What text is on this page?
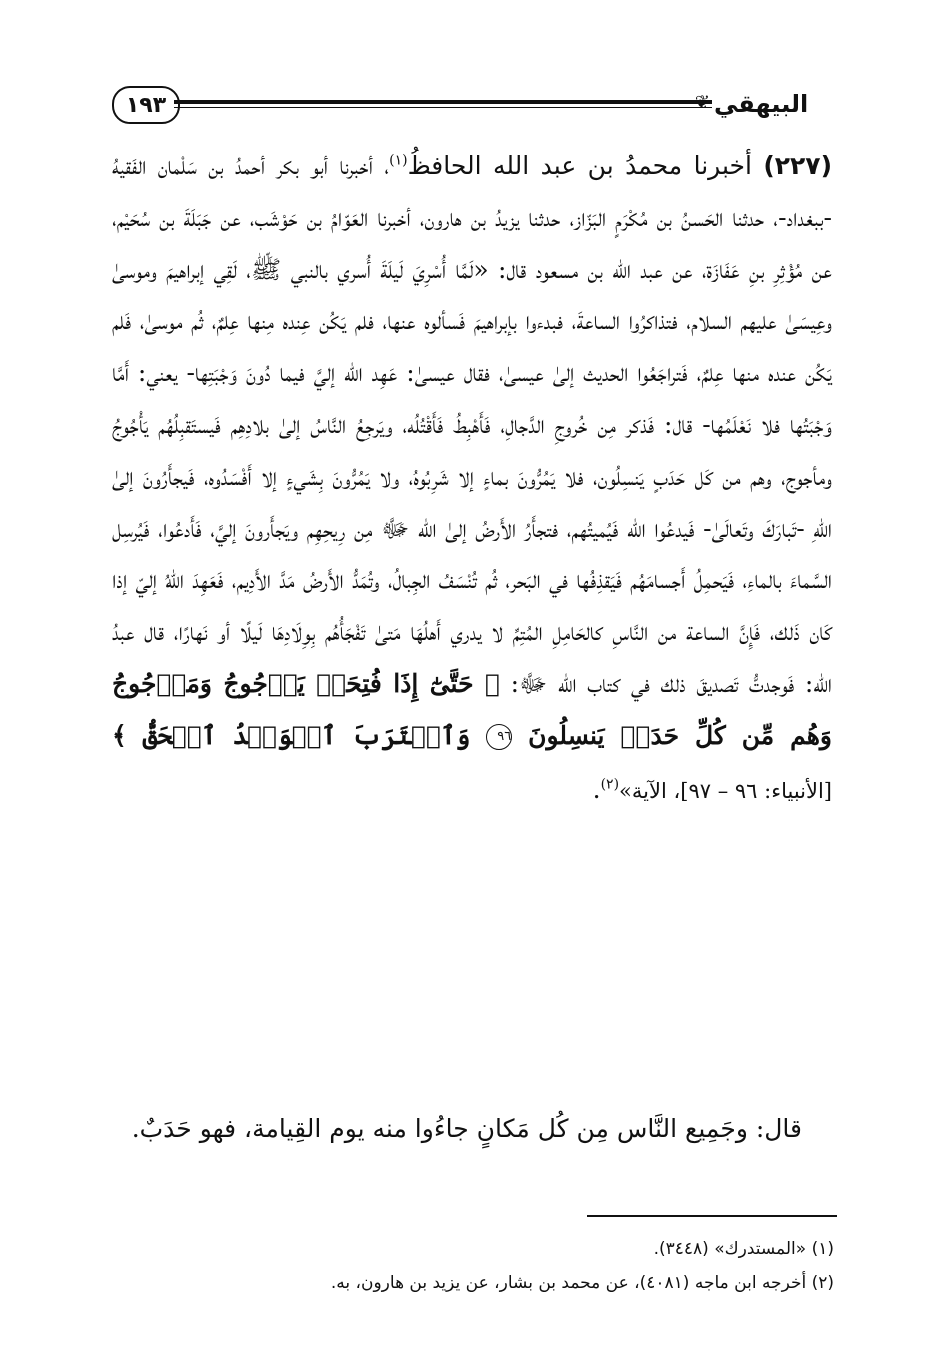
١٩٣	❦ البيهقي
(٢٢٧) أخبرنا محمدُ بن عبد الله الحافظُ$^{(١)}$، أخبرنا أبو بكر أحمدُ بن سَلْمان الفَقيهُ -ببغداد-، حدثنا الحَسنُ بن مُكْرَمٍ البَزّاز، حدثنا يزيدُ بن هارون، أخبرنا العَوّامُ بن حَوْشَب، عن جَبَلَةَ بن سُحَيْم، عن مُؤْثِرِ بنِ عَفَازَة، عن عبد الله بن مسعود قال: «لَمَّا أُسْرِيَ لَيلَةَ أُسري بالنبي ﷺ، لَقِي إبراهيمَ وموسىٰ وعِيسَىٰ عليهم السلام، فتذاكرُوا الساعةَ، فبدءوا بإبراهيمَ فَسألوه عنها، فلم يَكُن عِنده مِنها عِلمٌ، ثُم موسىٰ، فَلم يَكُن عنده منها عِلمٌ، فَتراجَعُوا الحديث إلىٰ عيسىٰ، فقال عيسىٰ: عَهِد الله إليَّ فيما دُونَ وَجْبَتِها- يعني: أَمَّا وَجْبَتُها فلا نَعْلَمُها- قال: فَذكر مِن خُروجِ الدَّجالِ، فَأَهْبِطُ فَأَقْتُلُه، ويَرجِعُ النَّاسُ إلىٰ بلادِهِم فَيستَقبِلُهُم يَأْجُوجُ ومأجوج، وهم من كَل حَدَبٍ يَنسِلُون، فلا يَمُرُّونَ بماءٍ إلا شَرِبُوهُ، ولا يَمُرُّونَ بِشَيءٍ إلا أَفْسَدُوه، فَيجأَرُونَ إلىٰ اللهِ -تَبارَكَ وتَعالَىٰ- فَيدعُوا الله فَيُميتُهم، فتجأَرُ الأَرضُ إلىٰ الله ﷻ مِن رِيحِهِم ويَجأَرونَ إليَّ، فَأَدعُوا، فَيُرسِل السَّماءَ بالماءِ، فَيَحمِلُ أَجسامَهُم فَيَقذِفُها في البَحر، ثُم تُنْسَفُ الجِبالُ، وتُمَدُّ الأَرضُ مَدَّ الأَدِيم، فَعَهِدَ اللهُ إليّ إذا كَان ذَلك، فَإِنَّ الساعة من النَّاسِ كالحَامِلِ المُتِمِّ لا يدري أَهلُهَا مَتىٰ تَفْجَأُهُم بِوِلَادِهَا لَيلًا أو نَهارًا، قال عبدُ الله: فَوجدتُّ تَصديقَ ذلك في كتاب الله ﷻ: ﴿ حَتَّىٰٓ إِذَا فُتِحَتۡ يَأۡجُوجُ وَمَأۡجُوجُ وَهُم مِّن كُلِّ حَدَبٖ يَنسِلُونَ ٩٦ وَٱقۡتَرَبَ ٱلۡوَعۡدُ ٱلۡحَقُّ ﴾ [الأنبياء: ٩٦ – ٩٧]، الآية»$^{(٢)}$.
قال: وجَمِيع النَّاس مِن كُل مَكانٍ جاءُوا منه يوم القِيامة، فهو حَدَبٌ.

(١) «المستدرك» (٣٤٤٨).

(٢) أخرجه ابن ماجه (٤٠٨١)، عن محمد بن بشار، عن يزيد بن هارون، به.
